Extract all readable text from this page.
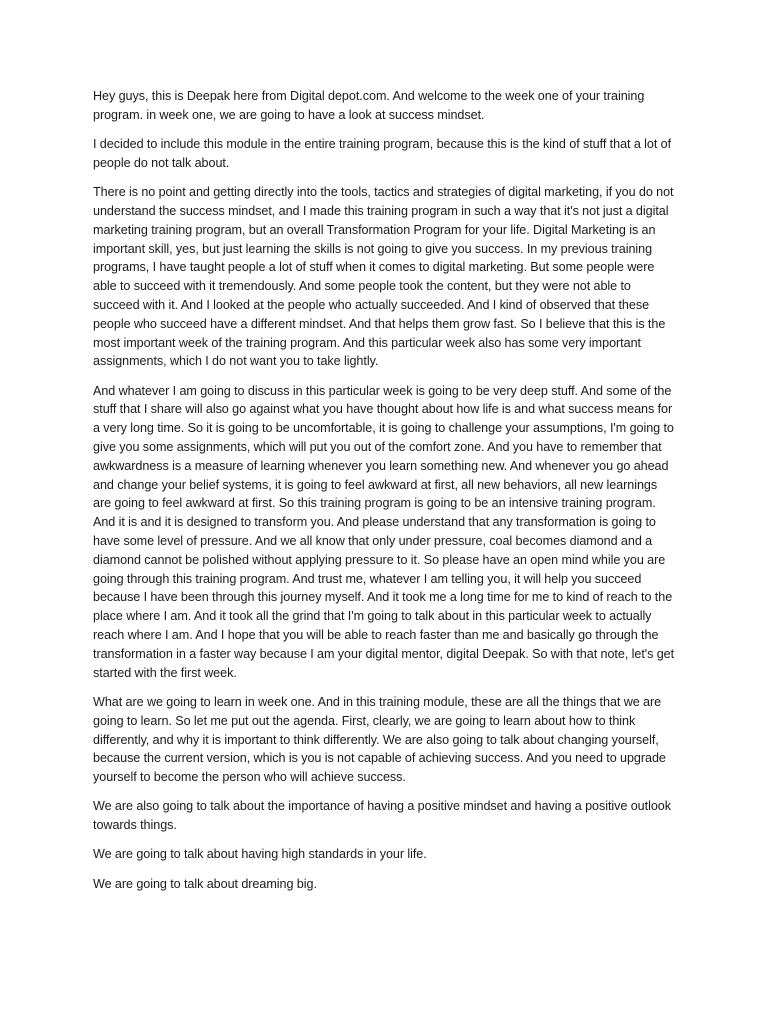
Hey guys, this is Deepak here from Digital depot.com. And welcome to the week one of your training program. in week one, we are going to have a look at success mindset.

I decided to include this module in the entire training program, because this is the kind of stuff that a lot of people do not talk about.

There is no point and getting directly into the tools, tactics and strategies of digital marketing, if you do not understand the success mindset, and I made this training program in such a way that it's not just a digital marketing training program, but an overall Transformation Program for your life. Digital Marketing is an important skill, yes, but just learning the skills is not going to give you success. In my previous training programs, I have taught people a lot of stuff when it comes to digital marketing. But some people were able to succeed with it tremendously. And some people took the content, but they were not able to succeed with it. And I looked at the people who actually succeeded. And I kind of observed that these people who succeed have a different mindset. And that helps them grow fast. So I believe that this is the most important week of the training program. And this particular week also has some very important assignments, which I do not want you to take lightly.

And whatever I am going to discuss in this particular week is going to be very deep stuff. And some of the stuff that I share will also go against what you have thought about how life is and what success means for a very long time. So it is going to be uncomfortable, it is going to challenge your assumptions, I'm going to give you some assignments, which will put you out of the comfort zone. And you have to remember that awkwardness is a measure of learning whenever you learn something new. And whenever you go ahead and change your belief systems, it is going to feel awkward at first, all new behaviors, all new learnings are going to feel awkward at first. So this training program is going to be an intensive training program. And it is and it is designed to transform you. And please understand that any transformation is going to have some level of pressure. And we all know that only under pressure, coal becomes diamond and a diamond cannot be polished without applying pressure to it. So please have an open mind while you are going through this training program. And trust me, whatever I am telling you, it will help you succeed because I have been through this journey myself. And it took me a long time for me to kind of reach to the place where I am. And it took all the grind that I'm going to talk about in this particular week to actually reach where I am. And I hope that you will be able to reach faster than me and basically go through the transformation in a faster way because I am your digital mentor, digital Deepak. So with that note, let's get started with the first week.

What are we going to learn in week one. And in this training module, these are all the things that we are going to learn. So let me put out the agenda. First, clearly, we are going to learn about how to think differently, and why it is important to think differently. We are also going to talk about changing yourself, because the current version, which is you is not capable of achieving success. And you need to upgrade yourself to become the person who will achieve success.

We are also going to talk about the importance of having a positive mindset and having a positive outlook towards things.

We are going to talk about having high standards in your life.

We are going to talk about dreaming big.
